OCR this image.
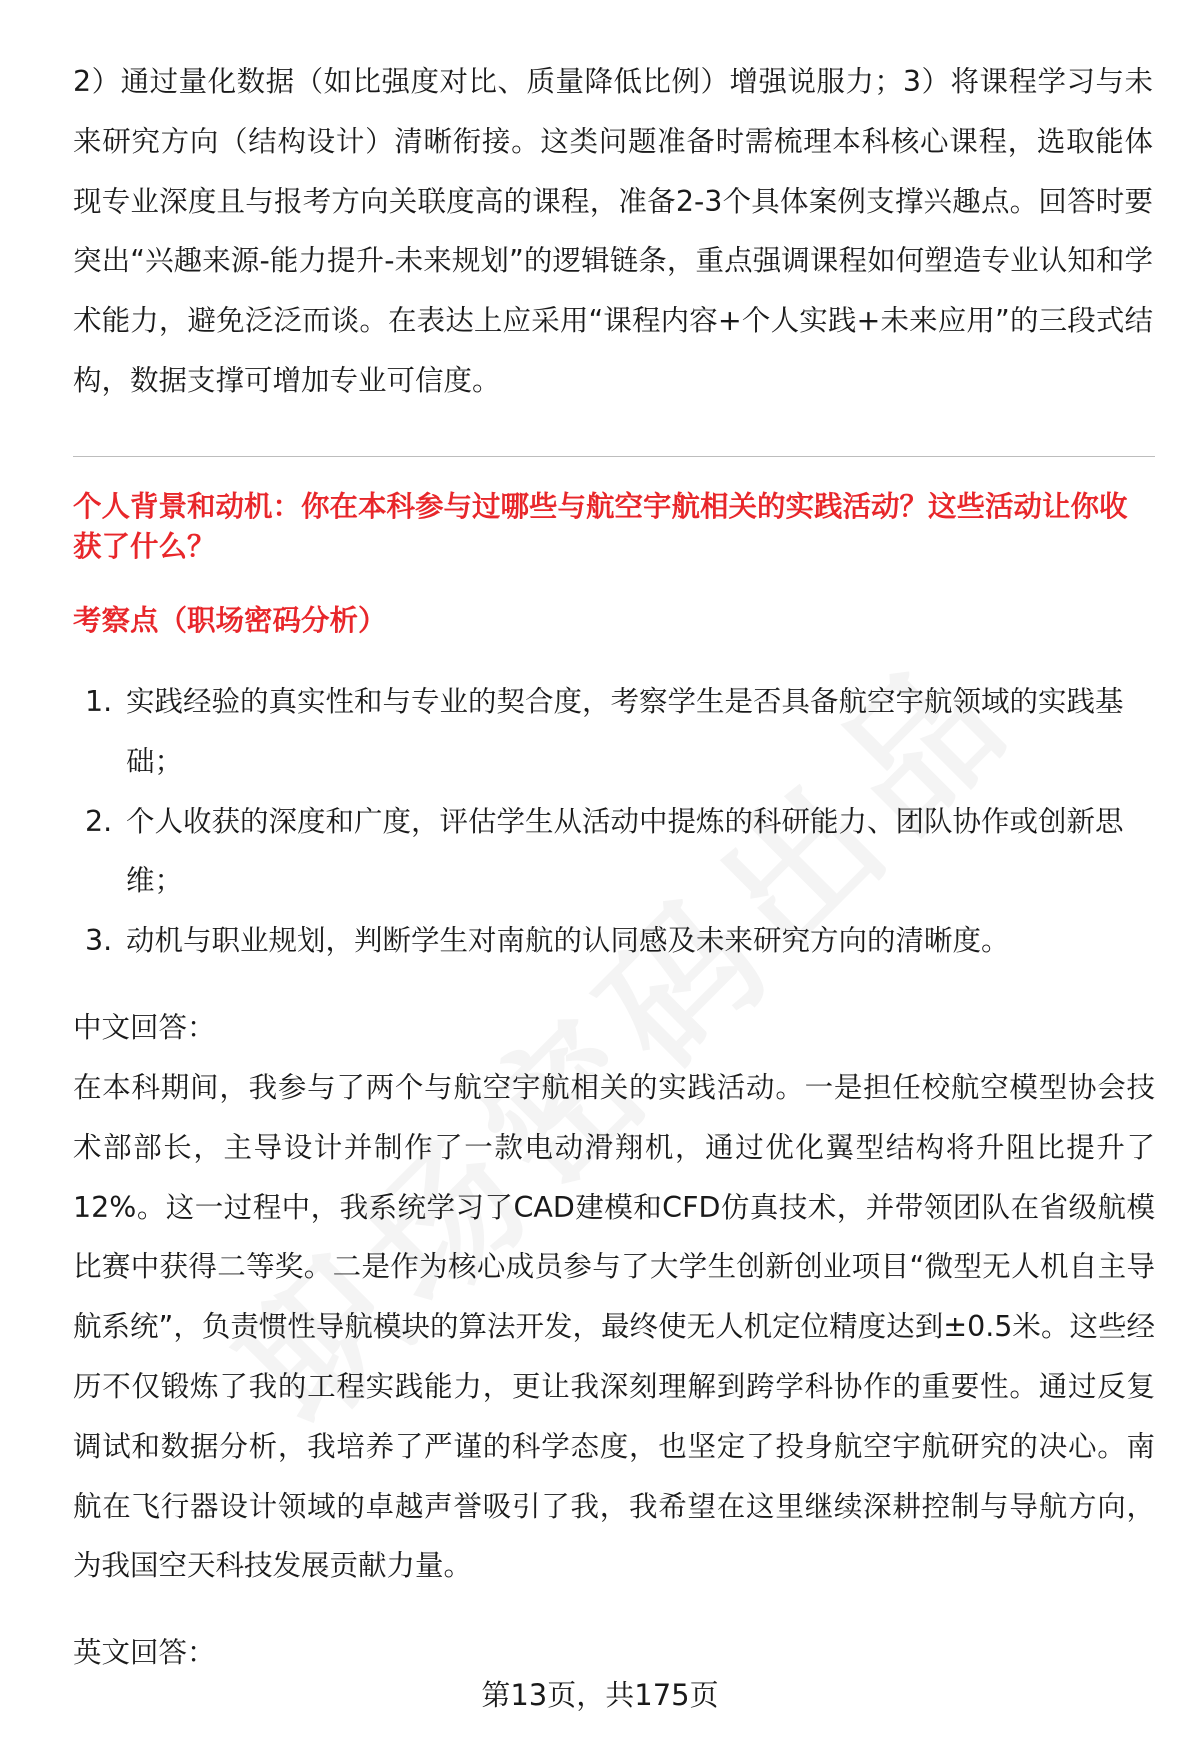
2）通过量化数据（如比强度对比、质量降低比例）增强说服力；3）将课程学习与未来研究方向（结构设计）清晰衔接。这类问题准备时需梳理本科核心课程，选取能体现专业深度且与报考方向关联度高的课程，准备2-3个具体案例支撑兴趣点。回答时要突出“兴趣来源-能力提升-未来规划”的逻辑链条，重点强调课程如何塑造专业认知和学术能力，避免泛泛而谈。在表达上应采用“课程内容+个人实践+未来应用”的三段式结构，数据支撑可增加专业可信度。

个人背景和动机：你在本科参与过哪些与航空宇航相关的实践活动？这些活动让你收获了什么？

考察点（职场密码分析）

1. 实践经验的真实性和与专业的契合度，考察学生是否具备航空宇航领域的实践基础；
2. 个人收获的深度和广度，评估学生从活动中提炼的科研能力、团队协作或创新思维；
3. 动机与职业规划，判断学生对南航的认同感及未来研究方向的清晰度。

中文回答：

在本科期间，我参与了两个与航空宇航相关的实践活动。一是担任校航空模型协会技术部部长，主导设计并制作了一款电动滑翔机，通过优化翼型结构将升阻比提升了12%。这一过程中，我系统学习了CAD建模和CFD仿真技术，并带领团队在省级航模比赛中获得二等奖。二是作为核心成员参与了大学生创新创业项目“微型无人机自主导航系统”，负责惯性导航模块的算法开发，最终使无人机定位精度达到±0.5米。这些经历不仅锻炼了我的工程实践能力，更让我深刻理解到跨学科协作的重要性。通过反复调试和数据分析，我培养了严谨的科学态度，也坚定了投身航空宇航研究的决心。南航在飞行器设计领域的卓越声誉吸引了我，我希望在这里继续深耕控制与导航方向，为我国空天科技发展贡献力量。

英文回答：

第13页，共175页
